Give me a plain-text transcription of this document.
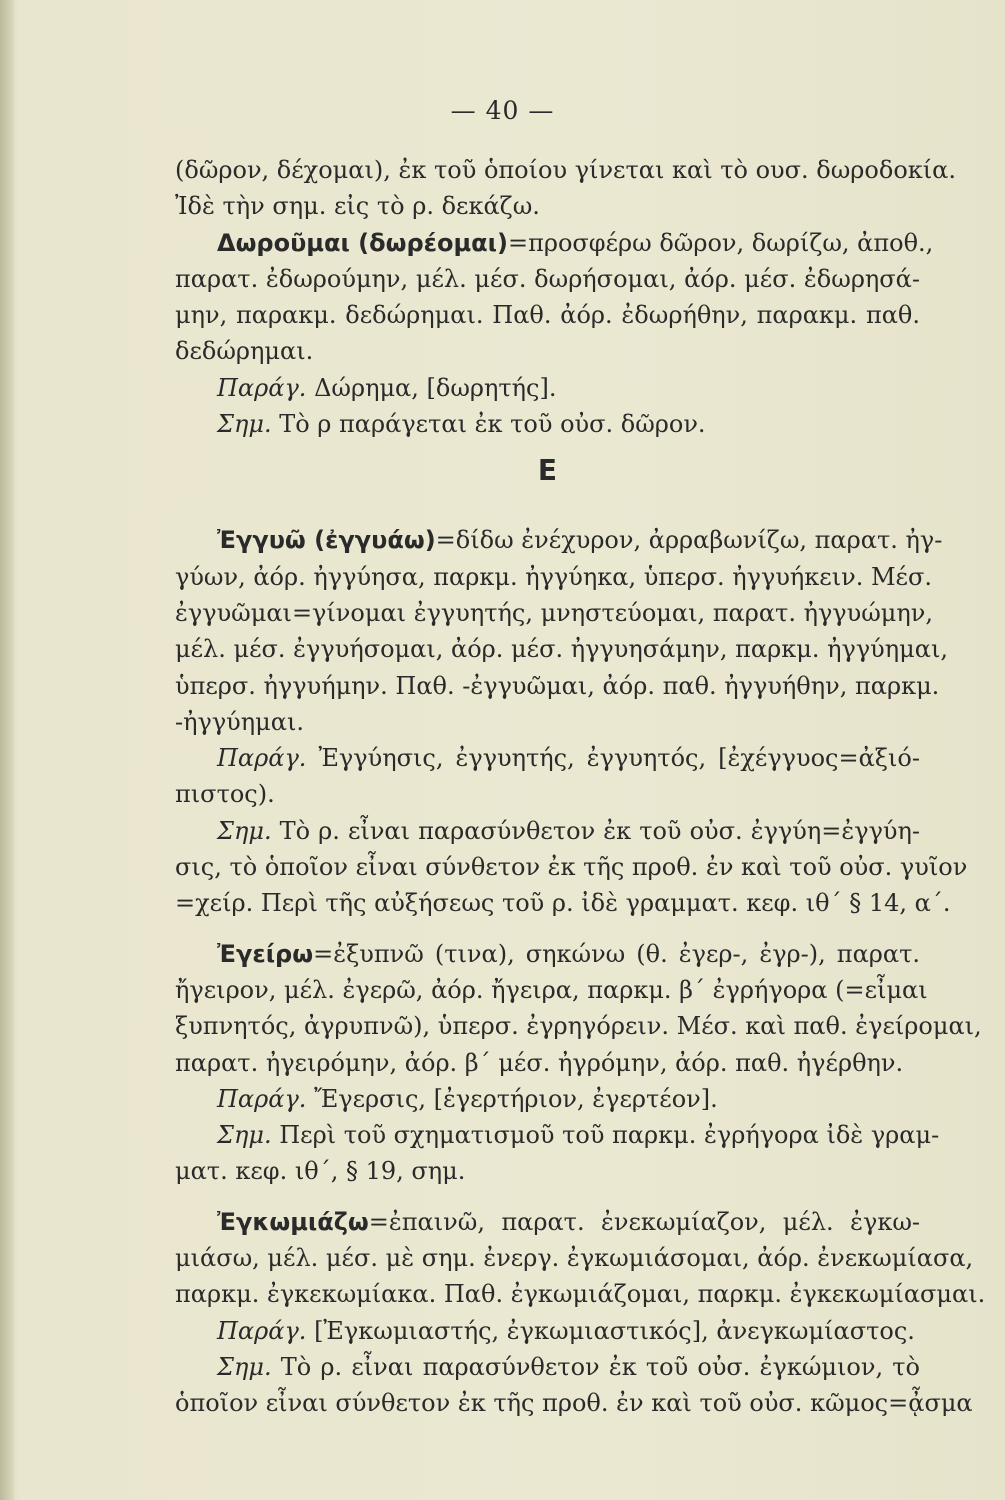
— 40 —
(δῶρον, δέχομαι), ἐκ τοῦ ὁποίου γίνεται καὶ τὸ ουσ. δωροδοκία.
Ἰδὲ τὴν σημ. εἰς τὸ ρ. δεκάζω.
Δωροῦμαι (δωρέομαι)=προσφέρω δῶρον, δωρίζω, ἀποθ.,
παρατ. ἐδωρούμην, μέλ. μέσ. δωρήσομαι, ἀόρ. μέσ. ἐδωρησά-
μην, παρακμ. δεδώρημαι. Παθ. ἀόρ. ἐδωρήθην, παρακμ. παθ.
δεδώρημαι.
Παράγ. Δώρημα, [δωρητής].
Σημ. Τὸ ρ παράγεται ἐκ τοῦ οὐσ. δῶρον.
Ε
Ἐγγυῶ (ἐγγυάω)=δίδω ἐνέχυρον, ἀρραβωνίζω, παρατ. ἠγ-
γύων, ἀόρ. ἠγγύησα, παρκμ. ἠγγύηκα, ὑπερσ. ἠγγυήκειν. Μέσ.
ἐγγυῶμαι=γίνομαι ἐγγυητής, μνηστεύομαι, παρατ. ἠγγυώμην,
μέλ. μέσ. ἐγγυήσομαι, ἀόρ. μέσ. ἠγγυησάμην, παρκμ. ἠγγύημαι,
ὑπερσ. ἠγγυήμην. Παθ. -ἐγγυῶμαι, ἀόρ. παθ. ἠγγυήθην, παρκμ.
-ἠγγύημαι.
Παράγ. Ἐγγύησις, ἐγγυητής, ἐγγυητός, [ἐχέγγυος=ἀξιό-
πιστος).
Σημ. Τὸ ρ. εἶναι παρασύνθετον ἐκ τοῦ οὐσ. ἐγγύη=ἐγγύη-
σις, τὸ ὁποῖον εἶναι σύνθετον ἐκ τῆς προθ. ἐν καὶ τοῦ οὐσ. γυῖον
=χείρ. Περὶ τῆς αὐξήσεως τοῦ ρ. ἰδὲ γραμματ. κεφ. ιθ´ § 14, α´.
Ἐγείρω=ἐξυπνῶ (τινα), σηκώνω (θ. ἐγερ-, ἐγρ-), παρατ.
ἤγειρον, μέλ. ἐγερῶ, ἀόρ. ἤγειρα, παρκμ. β´ ἐγρήγορα (=εἶμαι
ξυπνητός, ἀγρυπνῶ), ὑπερσ. ἐγρηγόρειν. Μέσ. καὶ παθ. ἐγείρομαι,
παρατ. ἠγειρόμην, ἀόρ. β´ μέσ. ἠγρόμην, ἀόρ. παθ. ἠγέρθην.
Παράγ. Ἔγερσις, [ἐγερτήριον, ἐγερτέον].
Σημ. Περὶ τοῦ σχηματισμοῦ τοῦ παρκμ. ἐγρήγορα ἰδὲ γραμ-
ματ. κεφ. ιθ´, § 19, σημ.
Ἐγκωμιάζω=ἐπαινῶ, παρατ. ἐνεκωμίαζον, μέλ. ἐγκω-
μιάσω, μέλ. μέσ. μὲ σημ. ἐνεργ. ἐγκωμιάσομαι, ἀόρ. ἐνεκωμίασα,
παρκμ. ἐγκεκωμίακα. Παθ. ἐγκωμιάζομαι, παρκμ. ἐγκεκωμίασμαι.
Παράγ. [Ἐγκωμιαστής, ἐγκωμιαστικός], ἀνεγκωμίαστος.
Σημ. Τὸ ρ. εἶναι παρασύνθετον ἐκ τοῦ οὐσ. ἐγκώμιον, τὸ
ὁποῖον εἶναι σύνθετον ἐκ τῆς προθ. ἐν καὶ τοῦ οὐσ. κῶμος=ᾆσμα
